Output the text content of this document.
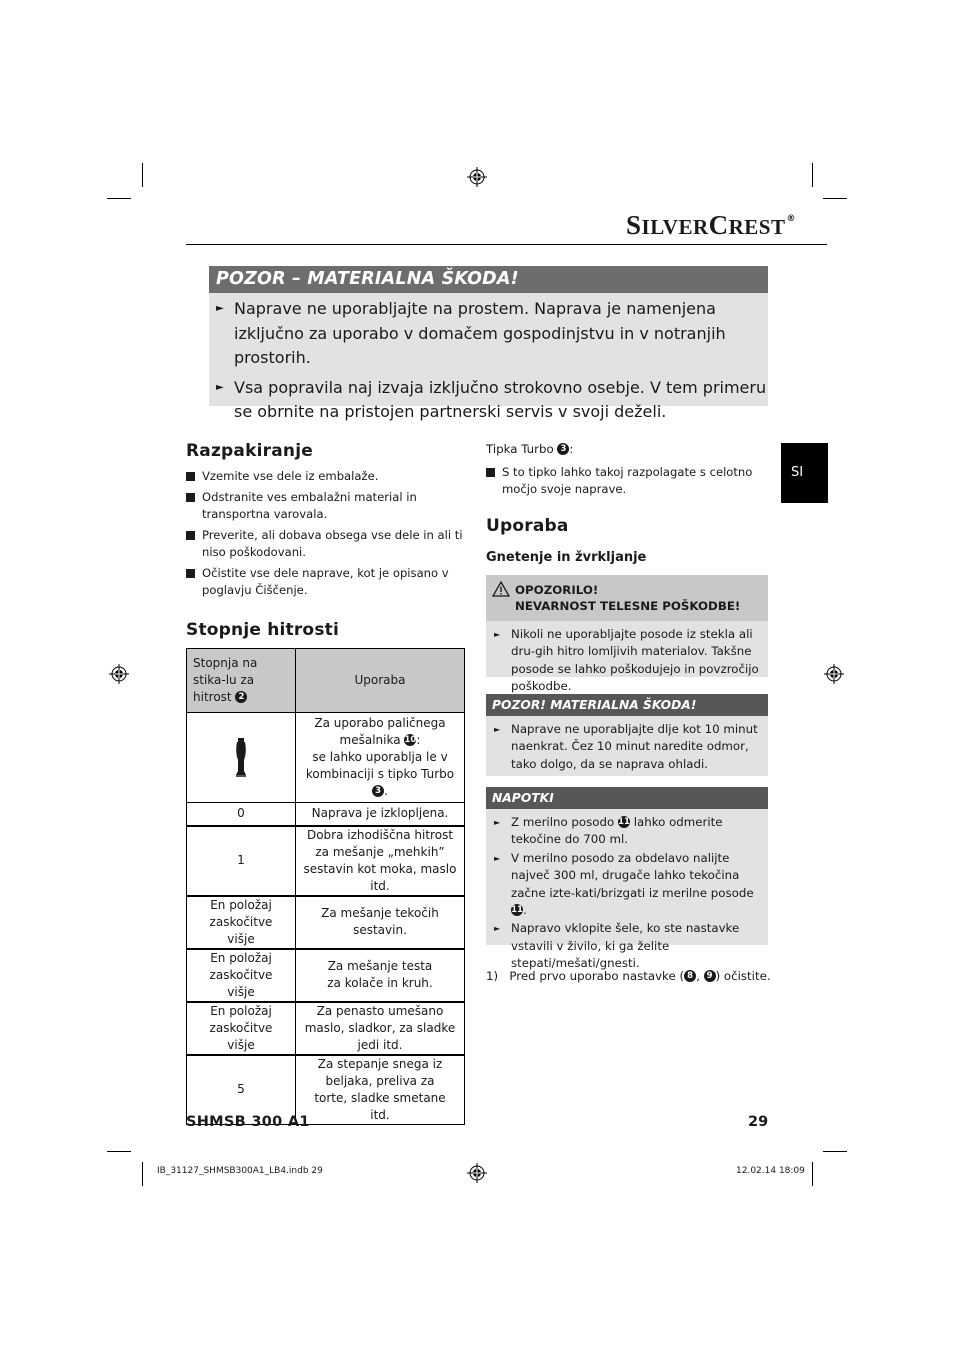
SILVERCREST®
POZOR – MATERIALNA ŠKODA!
► Naprave ne uporabljajte na prostem. Naprava je namenjena izključno za uporabo v domačem gospodinjstvu in v notranjih prostorih.
► Vsa popravila naj izvaja izključno strokovno osebje. V tem primeru se obrnite na pristojen partnerski servis v svoji deželi.
Razpakiranje
Vzemite vse dele iz embalaže.
Odstranite ves embalažni material in transportna varovala.
Preverite, ali dobava obsega vse dele in ali ti niso poškodovani.
Očistite vse dele naprave, kot je opisano v poglavju Čiščenje.
Stopnje hitrosti
Stopnja na stika-lu za hitrost 2	Uporaba

	Za uporabo paličnega mešalnika 10:
se lahko uporablja le v kombinaciji s tipko Turbo 3 .
0	Naprava je izklopljena.
1	Dobra izhodiščna hitrost za mešanje „mehkih” sestavin kot moka, maslo itd.
En položaj zaskočitve višje	Za mešanje tekočih sestavin.
En položaj zaskočitve višje	Za mešanje testa za kolače in kruh.
En položaj zaskočitve višje	Za penasto umešano maslo, sladkor, za sladke jedi itd.
5	Za stepanje snega iz beljaka, preliva za torte, sladke smetane itd.
Tipka Turbo 3 :
S to tipko lahko takoj razpolagate s celotno močjo svoje naprave.
Uporaba
Gnetenje in žvrkljanje
OPOZORILO!
NEVARNOST TELESNE POŠKODBE!
► Nikoli ne uporabljajte posode iz stekla ali dru-gih hitro lomljivih materialov. Takšne posode se lahko poškodujejo in povzročijo poškodbe.
POZOR! MATERIALNA ŠKODA!
► Naprave ne uporabljajte dlje kot 10 minut naenkrat. Čez 10 minut naredite odmor, tako dolgo, da se naprava ohladi.
NAPOTKI
► Z merilno posodo 11 lahko odmerite tekočine do 700 ml.
► V merilno posodo za obdelavo nalijte največ 300 ml, drugače lahko tekočina začne izte-kati/brizgati iz merilne posode 11.
► Napravo vklopite šele, ko ste nastavke vstavili v živilo, ki ga želite stepati/mešati/gnesti.
1) Pred prvo uporabo nastavke ( 8 , 9 ) očistite.
SI
SHMSB 300 A1	29
IB_31127_SHMSB300A1_LB4.indb 29	12.02.14 18:09
